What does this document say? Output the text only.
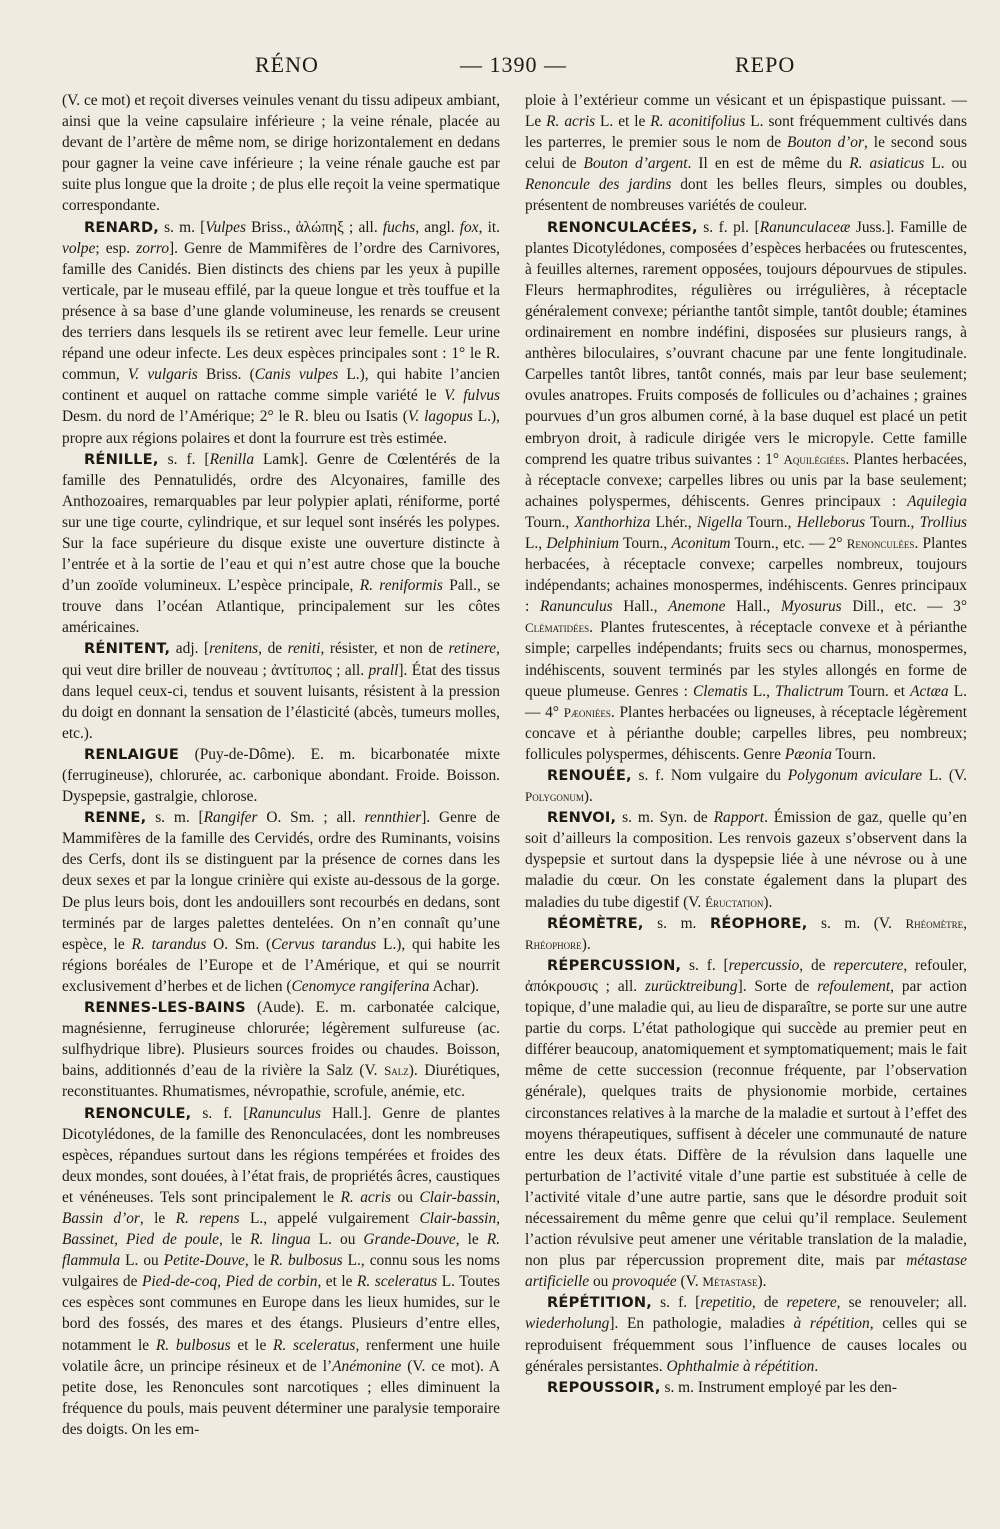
RÉNO	— 1390 —	REPO

(V. ce mot) et reçoit diverses veinules venant du tissu adipeux ambiant, ainsi que la veine capsulaire inférieure ; la veine rénale, placée au devant de l’artère de même nom, se dirige horizontalement en dedans pour gagner la veine cave inférieure ; la veine rénale gauche est par suite plus longue que la droite ; de plus elle reçoit la veine spermatique correspondante.

RENARD, s. m. [Vulpes Briss., ἀλώπηξ ; all. fuchs, angl. fox, it. volpe; esp. zorro]. Genre de Mammifères de l’ordre des Carnivores, famille des Canidés. Bien distincts des chiens par les yeux à pupille verticale, par le museau effilé, par la queue longue et très touffue et la présence à sa base d’une glande volumineuse, les renards se creusent des terriers dans lesquels ils se retirent avec leur femelle. Leur urine répand une odeur infecte. Les deux espèces principales sont : 1° le R. commun, V. vulgaris Briss. (Canis vulpes L.), qui habite l’ancien continent et auquel on rattache comme simple variété le V. fulvus Desm. du nord de l’Amérique; 2° le R. bleu ou Isatis (V. lagopus L.), propre aux régions polaires et dont la fourrure est très estimée.

RÉNILLE, s. f. [Renilla Lamk]. Genre de Cœlentérés de la famille des Pennatulidés, ordre des Alcyonaires, famille des Anthozoaires, remarquables par leur polypier aplati, réniforme, porté sur une tige courte, cylindrique, et sur lequel sont insérés les polypes. Sur la face supérieure du disque existe une ouverture distincte à l’entrée et à la sortie de l’eau et qui n’est autre chose que la bouche d’un zooïde volumineux. L’espèce principale, R. reniformis Pall., se trouve dans l’océan Atlantique, principalement sur les côtes américaines.

RÉNITENT, adj. [renitens, de reniti, résister, et non de retinere, qui veut dire briller de nouveau ; ἀντίτυπος ; all. prall]. État des tissus dans lequel ceux-ci, tendus et souvent luisants, résistent à la pression du doigt en donnant la sensation de l’élasticité (abcès, tumeurs molles, etc.).

RENLAIGUE (Puy-de-Dôme). E. m. bicarbonatée mixte (ferrugineuse), chlorurée, ac. carbonique abondant. Froide. Boisson. Dyspepsie, gastralgie, chlorose.

RENNE, s. m. [Rangifer O. Sm. ; all. rennthier]. Genre de Mammifères de la famille des Cervidés, ordre des Ruminants, voisins des Cerfs, dont ils se distinguent par la présence de cornes dans les deux sexes et par la longue crinière qui existe au-dessous de la gorge. De plus leurs bois, dont les andouillers sont recourbés en dedans, sont terminés par de larges palettes dentelées. On n’en connaît qu’une espèce, le R. tarandus O. Sm. (Cervus tarandus L.), qui habite les régions boréales de l’Europe et de l’Amérique, et qui se nourrit exclusivement d’herbes et de lichen (Cenomyce rangiferina Achar).

RENNES-LES-BAINS (Aude). E. m. carbonatée calcique, magnésienne, ferrugineuse chlorurée; légèrement sulfureuse (ac. sulfhydrique libre). Plusieurs sources froides ou chaudes. Boisson, bains, additionnés d’eau de la rivière la Salz (V. Salz). Diurétiques, reconstituantes. Rhumatismes, névropathie, scrofule, anémie, etc.

RENONCULE, s. f. [Ranunculus Hall.]. Genre de plantes Dicotylédones, de la famille des Renonculacées, dont les nombreuses espèces, répandues surtout dans les régions tempérées et froides des deux mondes, sont douées, à l’état frais, de propriétés âcres, caustiques et vénéneuses. Tels sont principalement le R. acris ou Clair-bassin, Bassin d’or, le R. repens L., appelé vulgairement Clair-bassin, Bassinet, Pied de poule, le R. lingua L. ou Grande-Douve, le R. flammula L. ou Petite-Douve, le R. bulbosus L., connu sous les noms vulgaires de Pied-de-coq, Pied de corbin, et le R. sceleratus L. Toutes ces espèces sont communes en Europe dans les lieux humides, sur le bord des fossés, des mares et des étangs. Plusieurs d’entre elles, notamment le R. bulbosus et le R. sceleratus, renferment une huile volatile âcre, un principe résineux et de l’Anémonine (V. ce mot). A petite dose, les Renoncules sont narcotiques ; elles diminuent la fréquence du pouls, mais peuvent déterminer une paralysie temporaire des doigts. On les em-

ploie à l’extérieur comme un vésicant et un épispastique puissant. — Le R. acris L. et le R. aconitifolius L. sont fréquemment cultivés dans les parterres, le premier sous le nom de Bouton d’or, le second sous celui de Bouton d’argent. Il en est de même du R. asiaticus L. ou Renoncule des jardins dont les belles fleurs, simples ou doubles, présentent de nombreuses variétés de couleur.

RENONCULACÉES, s. f. pl. [Ranunculaceæ Juss.]. Famille de plantes Dicotylédones, composées d’espèces herbacées ou frutescentes, à feuilles alternes, rarement opposées, toujours dépourvues de stipules. Fleurs hermaphrodites, régulières ou irrégulières, à réceptacle généralement convexe; périanthe tantôt simple, tantôt double; étamines ordinairement en nombre indéfini, disposées sur plusieurs rangs, à anthères biloculaires, s’ouvrant chacune par une fente longitudinale. Carpelles tantôt libres, tantôt connés, mais par leur base seulement; ovules anatropes. Fruits composés de follicules ou d’achaines ; graines pourvues d’un gros albumen corné, à la base duquel est placé un petit embryon droit, à radicule dirigée vers le micropyle. Cette famille comprend les quatre tribus suivantes : 1° Aquilégiées. Plantes herbacées, à réceptacle convexe; carpelles libres ou unis par la base seulement; achaines polyspermes, déhiscents. Genres principaux : Aquilegia Tourn., Xanthorhiza Lhér., Nigella Tourn., Helleborus Tourn., Trollius L., Delphinium Tourn., Aconitum Tourn., etc. — 2° Renonculées. Plantes herbacées, à réceptacle convexe; carpelles nombreux, toujours indépendants; achaines monospermes, indéhiscents. Genres principaux : Ranunculus Hall., Anemone Hall., Myosurus Dill., etc. — 3° Clématidées. Plantes frutescentes, à réceptacle convexe et à périanthe simple; carpelles indépendants; fruits secs ou charnus, monospermes, indéhiscents, souvent terminés par les styles allongés en forme de queue plumeuse. Genres : Clematis L., Thalictrum Tourn. et Actæa L. — 4° Pæoniées. Plantes herbacées ou ligneuses, à réceptacle légèrement concave et à périanthe double; carpelles libres, peu nombreux; follicules polyspermes, déhiscents. Genre Pæonia Tourn.

RENOUÉE, s. f. Nom vulgaire du Polygonum aviculare L. (V. Polygonum).

RENVOI, s. m. Syn. de Rapport. Émission de gaz, quelle qu’en soit d’ailleurs la composition. Les renvois gazeux s’observent dans la dyspepsie et surtout dans la dyspepsie liée à une névrose ou à une maladie du cœur. On les constate également dans la plupart des maladies du tube digestif (V. Éructation).

RÉOMÈTRE, s. m. RÉOPHORE, s. m. (V. Rhéomètre, Rhéophore).

RÉPERCUSSION, s. f. [repercussio, de repercutere, refouler, ἀπόκρουσις ; all. zurücktreibung]. Sorte de refoulement, par action topique, d’une maladie qui, au lieu de disparaître, se porte sur une autre partie du corps. L’état pathologique qui succède au premier peut en différer beaucoup, anatomiquement et symptomatiquement; mais le fait même de cette succession (reconnue fréquente, par l’observation générale), quelques traits de physionomie morbide, certaines circonstances relatives à la marche de la maladie et surtout à l’effet des moyens thérapeutiques, suffisent à déceler une communauté de nature entre les deux états. Diffère de la révulsion dans laquelle une perturbation de l’activité vitale d’une partie est substituée à celle de l’activité vitale d’une autre partie, sans que le désordre produit soit nécessairement du même genre que celui qu’il remplace. Seulement l’action révulsive peut amener une véritable translation de la maladie, non plus par répercussion proprement dite, mais par métastase artificielle ou provoquée (V. Métastase).

RÉPÉTITION, s. f. [repetitio, de repetere, se renouveler; all. wiederholung]. En pathologie, maladies à répétition, celles qui se reproduisent fréquemment sous l’influence de causes locales ou générales persistantes. Ophthalmie à répétition.

REPOUSSOIR, s. m. Instrument employé par les den-
